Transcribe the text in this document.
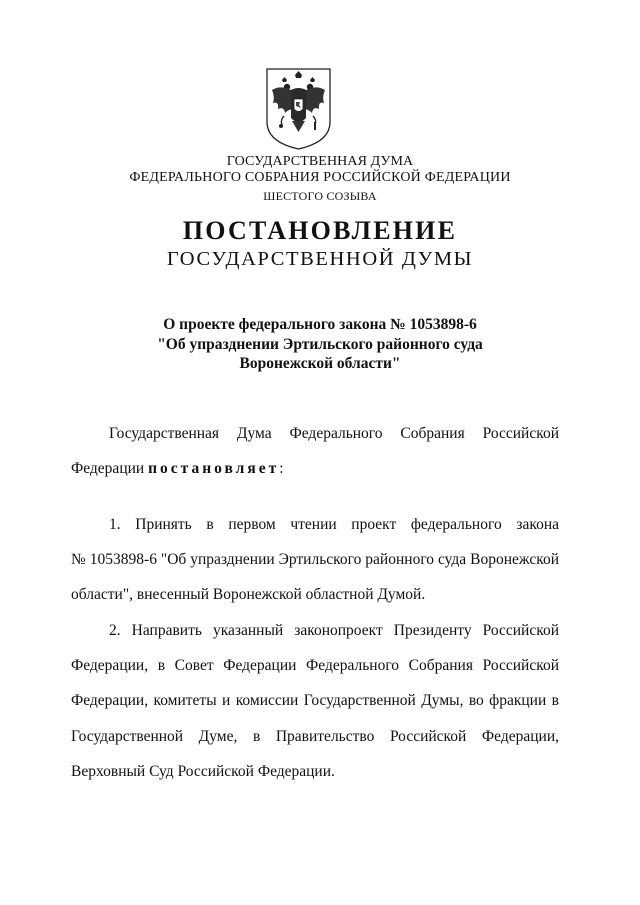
ГОСУДАРСТВЕННАЯ ДУМА
ФЕДЕРАЛЬНОГО СОБРАНИЯ РОССИЙСКОЙ ФЕДЕРАЦИИ
ШЕСТОГО СОЗЫВА
ПОСТАНОВЛЕНИЕ
ГОСУДАРСТВЕННОЙ ДУМЫ
О проекте федерального закона № 1053898-6
"Об упразднении Эртильского районного суда
Воронежской области"
Государственная Дума Федерального Собрания Российской
Федерации постановляет:
1. Принять в первом чтении проект федерального закона
№ 1053898-6 "Об упразднении Эртильского районного суда Воронежской
области", внесенный Воронежской областной Думой.
2. Направить указанный законопроект Президенту Российской
Федерации, в Совет Федерации Федерального Собрания Российской
Федерации, комитеты и комиссии Государственной Думы, во фракции в
Государственной Думе, в Правительство Российской Федерации,
Верховный Суд Российской Федерации.
